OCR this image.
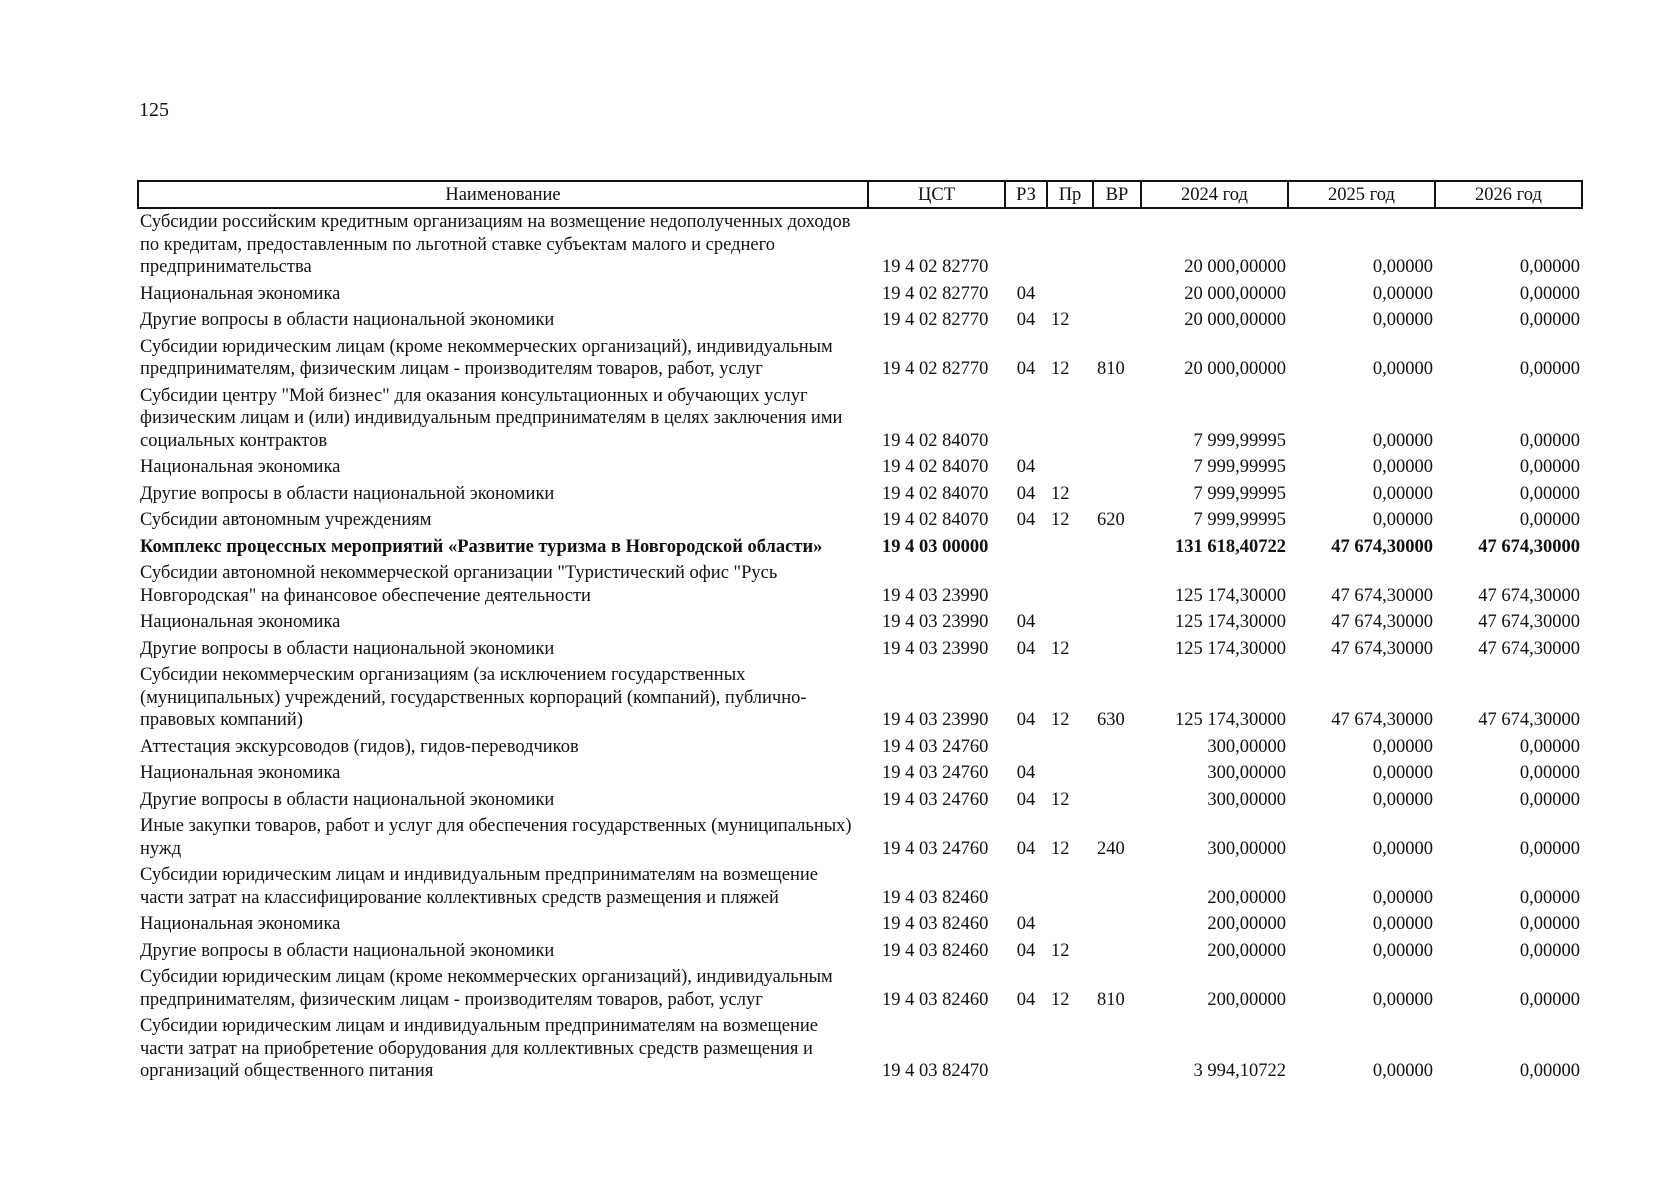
125
Наименование	ЦСТ	РЗ	Пр	ВР	2024 год	2025 год	2026 год
Субсидии российским кредитным организациям на возмещение недополученных доходов по кредитам, предоставленным по льготной ставке субъектам малого и среднего предпринимательства	19 4 02 82770				20 000,00000	0,00000	0,00000
Национальная экономика	19 4 02 82770	04			20 000,00000	0,00000	0,00000
Другие вопросы в области национальной экономики	19 4 02 82770	04	12		20 000,00000	0,00000	0,00000
Субсидии юридическим лицам (кроме некоммерческих организаций), индивидуальным предпринимателям, физическим лицам - производителям товаров, работ, услуг	19 4 02 82770	04	12	810	20 000,00000	0,00000	0,00000
Субсидии центру "Мой бизнес" для оказания консультационных и обучающих услуг физическим лицам и (или) индивидуальным предпринимателям в целях заключения ими социальных контрактов	19 4 02 84070				7 999,99995	0,00000	0,00000
Национальная экономика	19 4 02 84070	04			7 999,99995	0,00000	0,00000
Другие вопросы в области национальной экономики	19 4 02 84070	04	12		7 999,99995	0,00000	0,00000
Субсидии автономным учреждениям	19 4 02 84070	04	12	620	7 999,99995	0,00000	0,00000
Комплекс процессных мероприятий «Развитие туризма в Новгородской области»	19 4 03 00000				131 618,40722	47 674,30000	47 674,30000
Субсидии автономной некоммерческой организации "Туристический офис "Русь Новгородская" на финансовое обеспечение деятельности	19 4 03 23990				125 174,30000	47 674,30000	47 674,30000
Национальная экономика	19 4 03 23990	04			125 174,30000	47 674,30000	47 674,30000
Другие вопросы в области национальной экономики	19 4 03 23990	04	12		125 174,30000	47 674,30000	47 674,30000
Субсидии некоммерческим организациям (за исключением государственных (муниципальных) учреждений, государственных корпораций (компаний), публично-правовых компаний)	19 4 03 23990	04	12	630	125 174,30000	47 674,30000	47 674,30000
Аттестация экскурсоводов (гидов), гидов-переводчиков	19 4 03 24760				300,00000	0,00000	0,00000
Национальная экономика	19 4 03 24760	04			300,00000	0,00000	0,00000
Другие вопросы в области национальной экономики	19 4 03 24760	04	12		300,00000	0,00000	0,00000
Иные закупки товаров, работ и услуг для обеспечения государственных (муниципальных) нужд	19 4 03 24760	04	12	240	300,00000	0,00000	0,00000
Субсидии юридическим лицам и индивидуальным предпринимателям на возмещение части затрат на классифицирование коллективных средств размещения и пляжей	19 4 03 82460				200,00000	0,00000	0,00000
Национальная экономика	19 4 03 82460	04			200,00000	0,00000	0,00000
Другие вопросы в области национальной экономики	19 4 03 82460	04	12		200,00000	0,00000	0,00000
Субсидии юридическим лицам (кроме некоммерческих организаций), индивидуальным предпринимателям, физическим лицам - производителям товаров, работ, услуг	19 4 03 82460	04	12	810	200,00000	0,00000	0,00000
Субсидии юридическим лицам и индивидуальным предпринимателям на возмещение части затрат на приобретение оборудования для коллективных средств размещения и организаций общественного питания	19 4 03 82470				3 994,10722	0,00000	0,00000
